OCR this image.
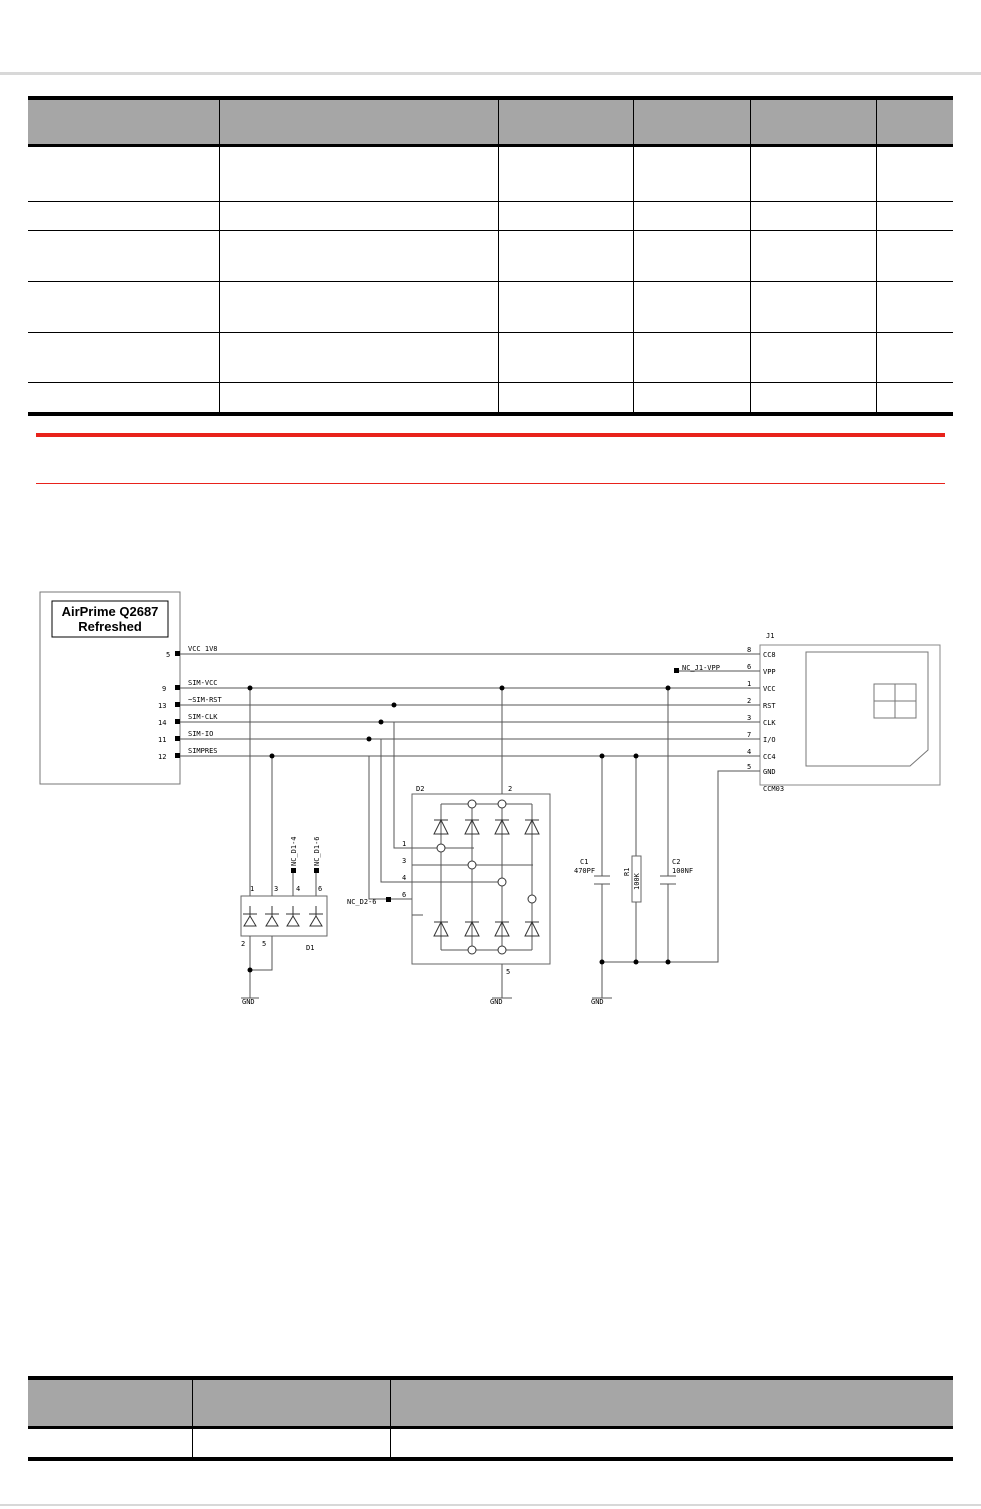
AirPrime Q2687
Refreshed
5
9
13
14
11
12
VCC 1V8
SIM-VCC
~SIM-RST
SIM-CLK
SIM-IO
SIMPRES
J1
8
6
1
2
3
7
4
5
CC8
VPP
VCC
RST
CLK
I/O
CC4
GND
CCM03
NC_J1-VPP
1	3	4	6
2 5	D1
NC_D1-4 NC_D1-6
GND
D2	2
1
3
4
6
5
NC_D2-6
GND
C1
470PF	R1
100K
C2
100NF
GND
